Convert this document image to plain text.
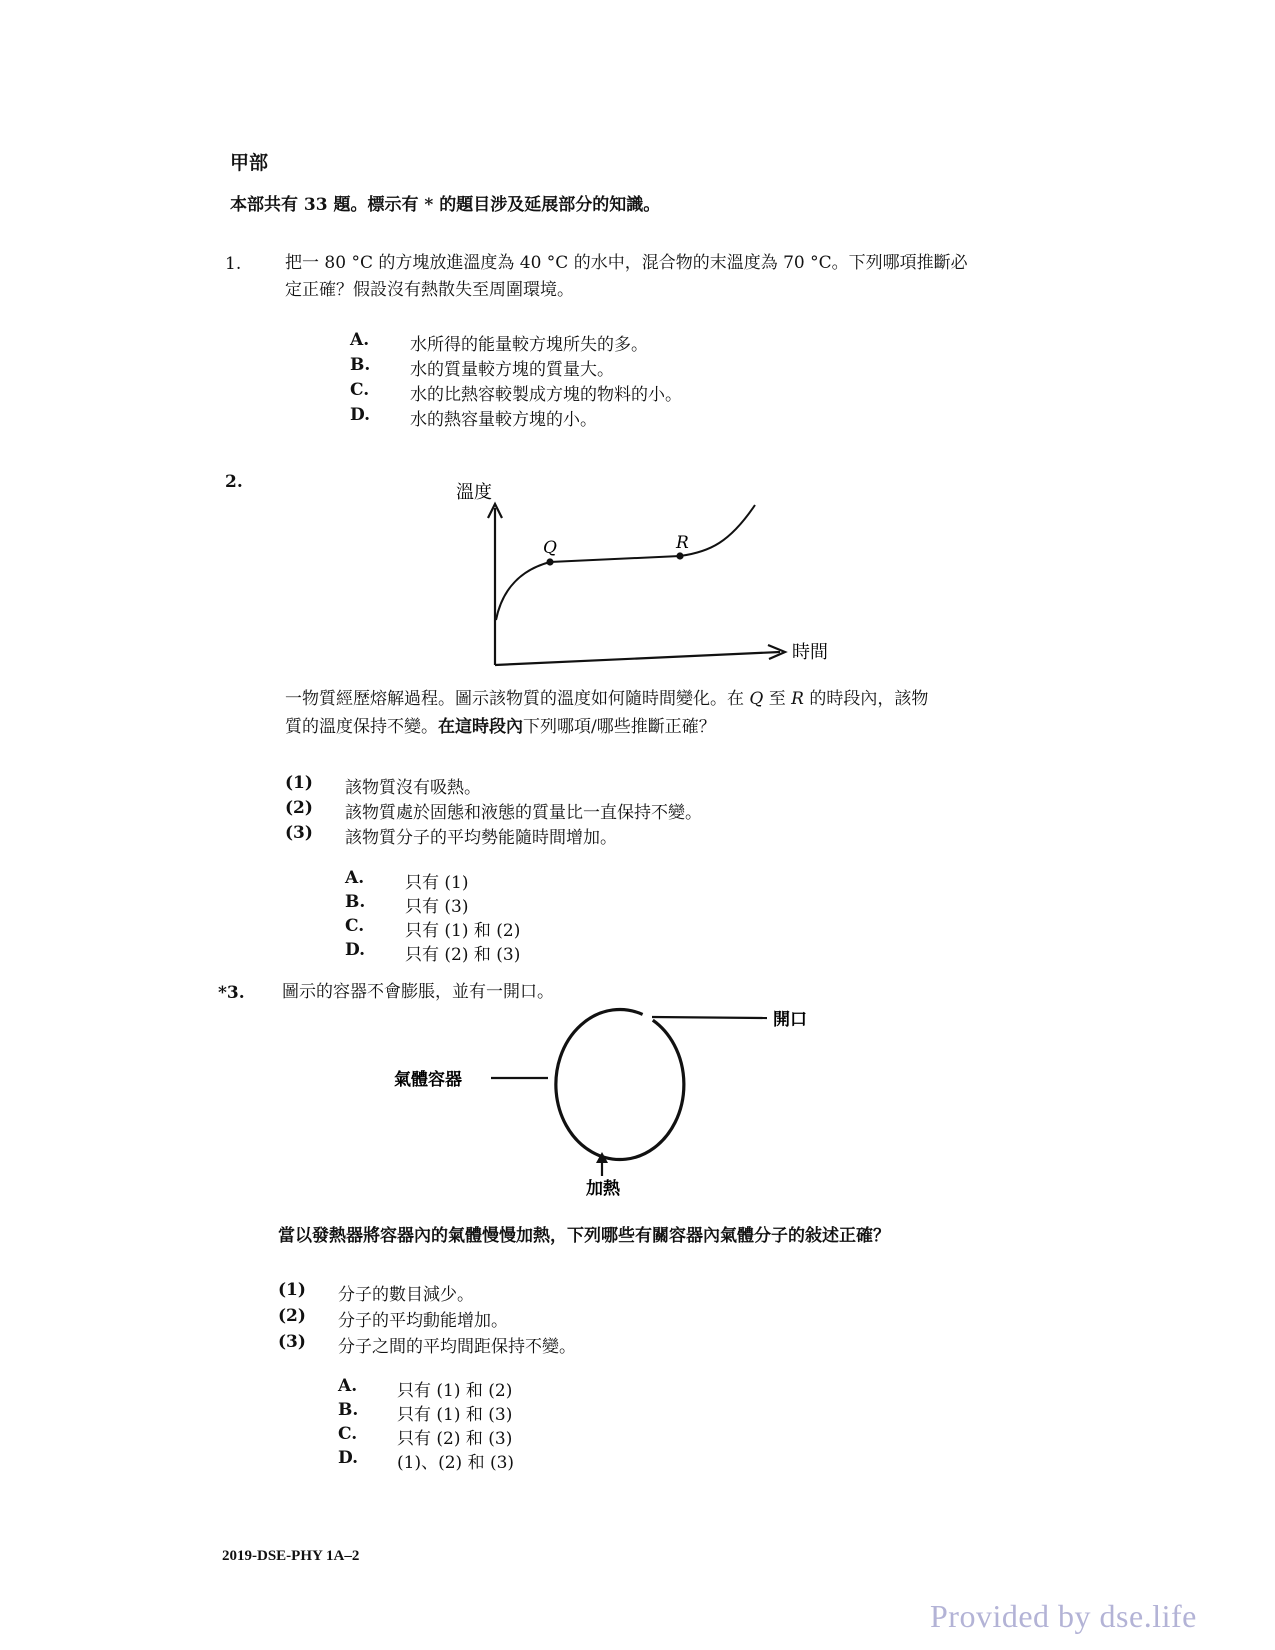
甲部
本部共有 33 題。標示有 * 的題目涉及延展部分的知識。
1.	把一 80 °C 的方塊放進溫度為 40 °C 的水中，混合物的末溫度為 70 °C。下列哪項推斷必
定正確？假設沒有熱散失至周圍環境。
A. 水所得的能量較方塊所失的多。
B. 水的質量較方塊的質量大。
C. 水的比熱容較製成方塊的物料的小。
D. 水的熱容量較方塊的小。
2.
Q	R
溫度
時間
一物質經歷熔解過程。圖示該物質的溫度如何隨時間變化。在 Q 至 R 的時段內，該物
質的溫度保持不變。在這時段內下列哪項/哪些推斷正確？
(1) 該物質沒有吸熱。
(2) 該物質處於固態和液態的質量比一直保持不變。
(3) 該物質分子的平均勢能隨時間增加。
A. 只有 (1)
B. 只有 (3)
C. 只有 (1) 和 (2)
D. 只有 (2) 和 (3)
*3. 圖示的容器不會膨脹，並有一開口。
開口
氣體容器
加熱
當以發熱器將容器內的氣體慢慢加熱，下列哪些有關容器內氣體分子的敍述正確？
(1) 分子的數目減少。
(2) 分子的平均動能增加。
(3) 分子之間的平均間距保持不變。
A. 只有 (1) 和 (2)
B. 只有 (1) 和 (3)
C. 只有 (2) 和 (3)
D. (1)、(2) 和 (3)
2019-DSE-PHY 1A–2
Provided by dse.life
